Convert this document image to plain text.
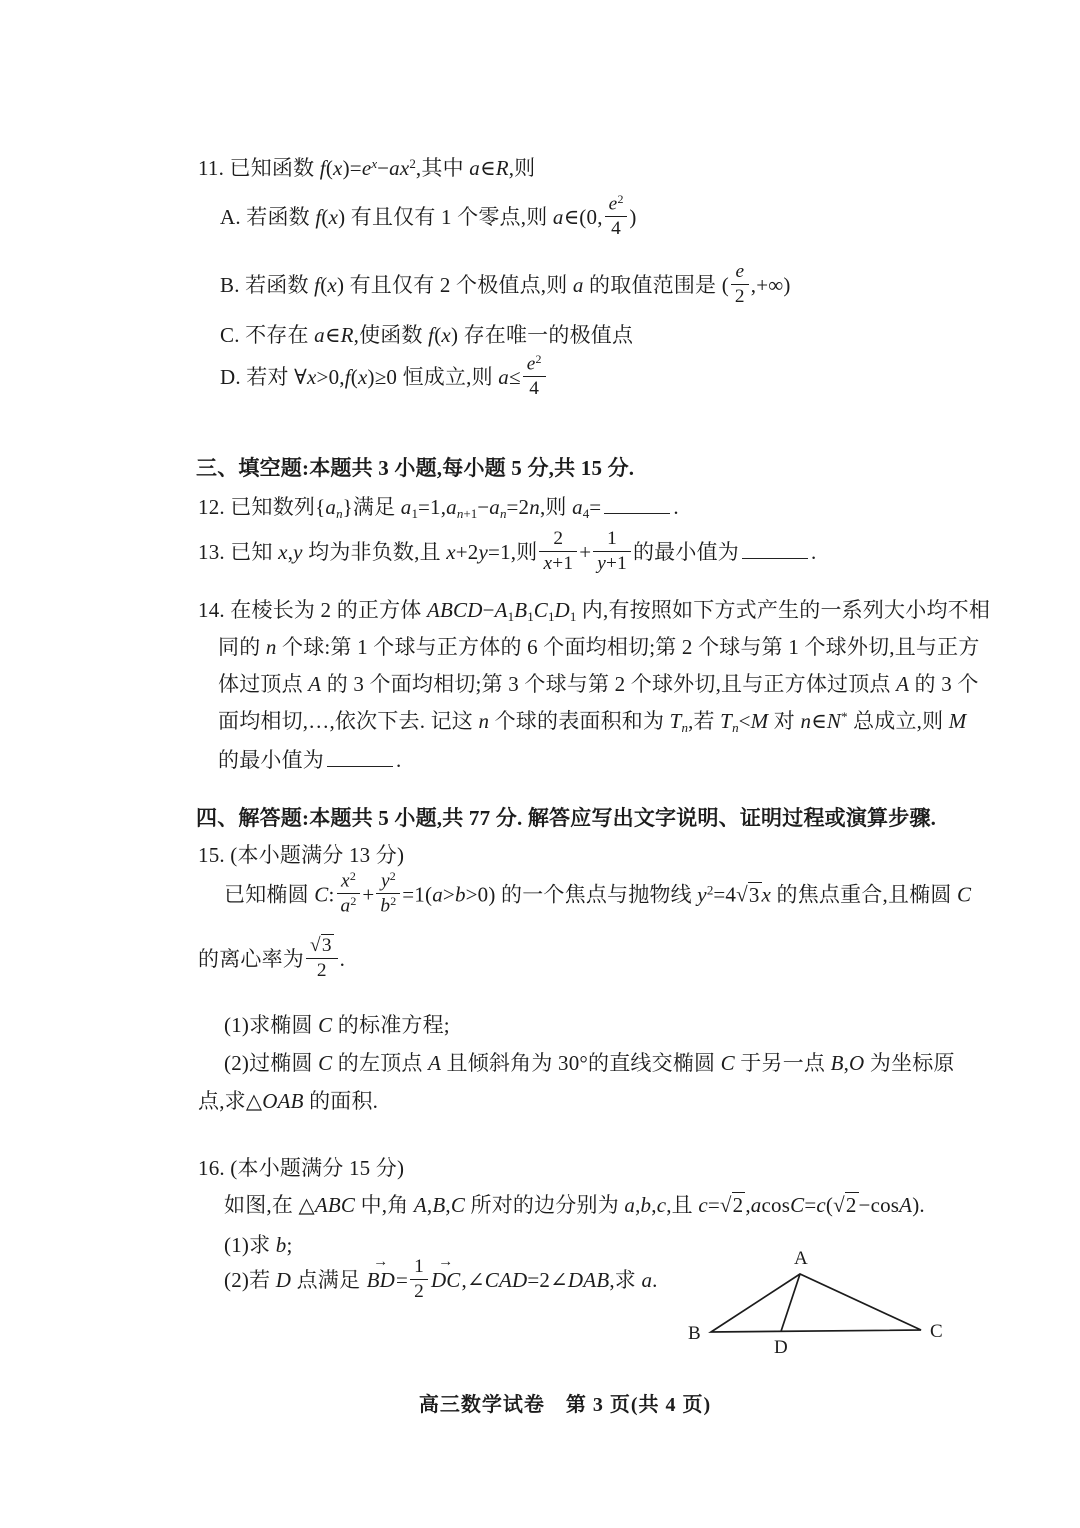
11. 已知函数 $f(x)=e^x-ax^2$,其中 a∈R,则
A. 若函数 f(x) 有且仅有 1 个零点,则 a∈(0, $\frac{e^2}{4}$ )
B. 若函数 f(x) 有且仅有 2 个极值点,则 a 的取值范围是 ( $\frac{e}{2}$ ,+∞)
C. 不存在 a∈R,使函数 f(x) 存在唯一的极值点
D. 若对 ∀x>0,f(x)≥0 恒成立,则 $a\le \frac{e^2}{4}$
三、填空题:本题共 3 小题,每小题 5 分,共 15 分.
12. 已知数列$\{a_n\}$满足 $a_1=1,a_{n+1}-a_n=2n$,则 $a_4=$	.
13. 已知 x,y 均为非负数,且 x+2y=1,则 $\frac{2}{x+1} + \frac{1}{y+1}$ 的最小值为	.
14. 在棱长为 2 的正方体 $ABCD-A_1B_1C_1D_1$ 内,有按照如下方式产生的一系列大小均不相
同的 n 个球:第 1 个球与正方体的 6 个面均相切;第 2 个球与第 1 个球外切,且与正方
体过顶点 A 的 3 个面均相切;第 3 个球与第 2 个球外切,且与正方体过顶点 A 的 3 个
面均相切,…,依次下去. 记这 n 个球的表面积和为 $T_n$,若 $T_n<M$ 对 n∈N* 总成立,则 M
的最小值为	.
四、解答题:本题共 5 小题,共 77 分. 解答应写出文字说明、证明过程或演算步骤.
15. (本小题满分 13 分)
已知椭圆 C: $\frac{x^2}{a^2} + \frac{y^2}{b^2} =1(a>b>0)$ 的一个焦点与抛物线 $y^2=4√3x$ 的焦点重合,且椭圆 C
的离心率为 $\frac{√3}{2}$ .
(1)求椭圆 C 的标准方程;
(2)过椭圆 C 的左顶点 A 且倾斜角为 30°的直线交椭圆 C 于另一点 B,O 为坐标原
点,求△OAB 的面积.
16. (本小题满分 15 分)
如图,在 △ABC 中,角 A,B,C 所对的边分别为 a,b,c,且 c=√2,acosC=c(√2−cosA).
(1)求 b;
(2)若 D 点满足 BD →= $\frac{1}{2}$ DC →,∠CAD=2∠DAB,求 a.
A
B	C
D
高三数学试卷　第 3 页(共 4 页)
